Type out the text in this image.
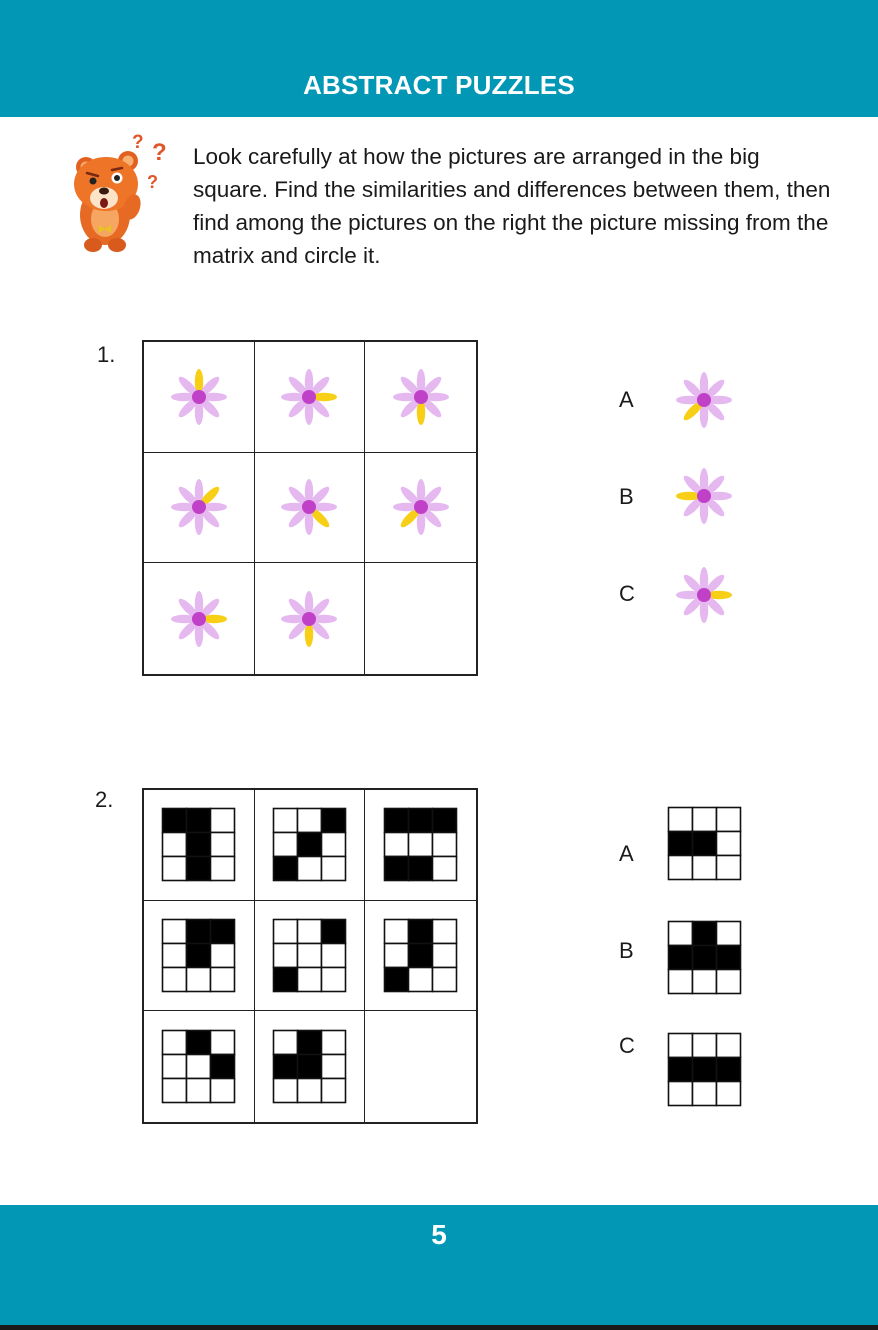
ABSTRACT PUZZLES
? ?
?

Look carefully at how the pictures are arranged in the big square. Find the similarities and differences between them, then find among the pictures on the right the picture missing from the matrix and circle it.

1.
A
B
C
2.
A
B
C
5
